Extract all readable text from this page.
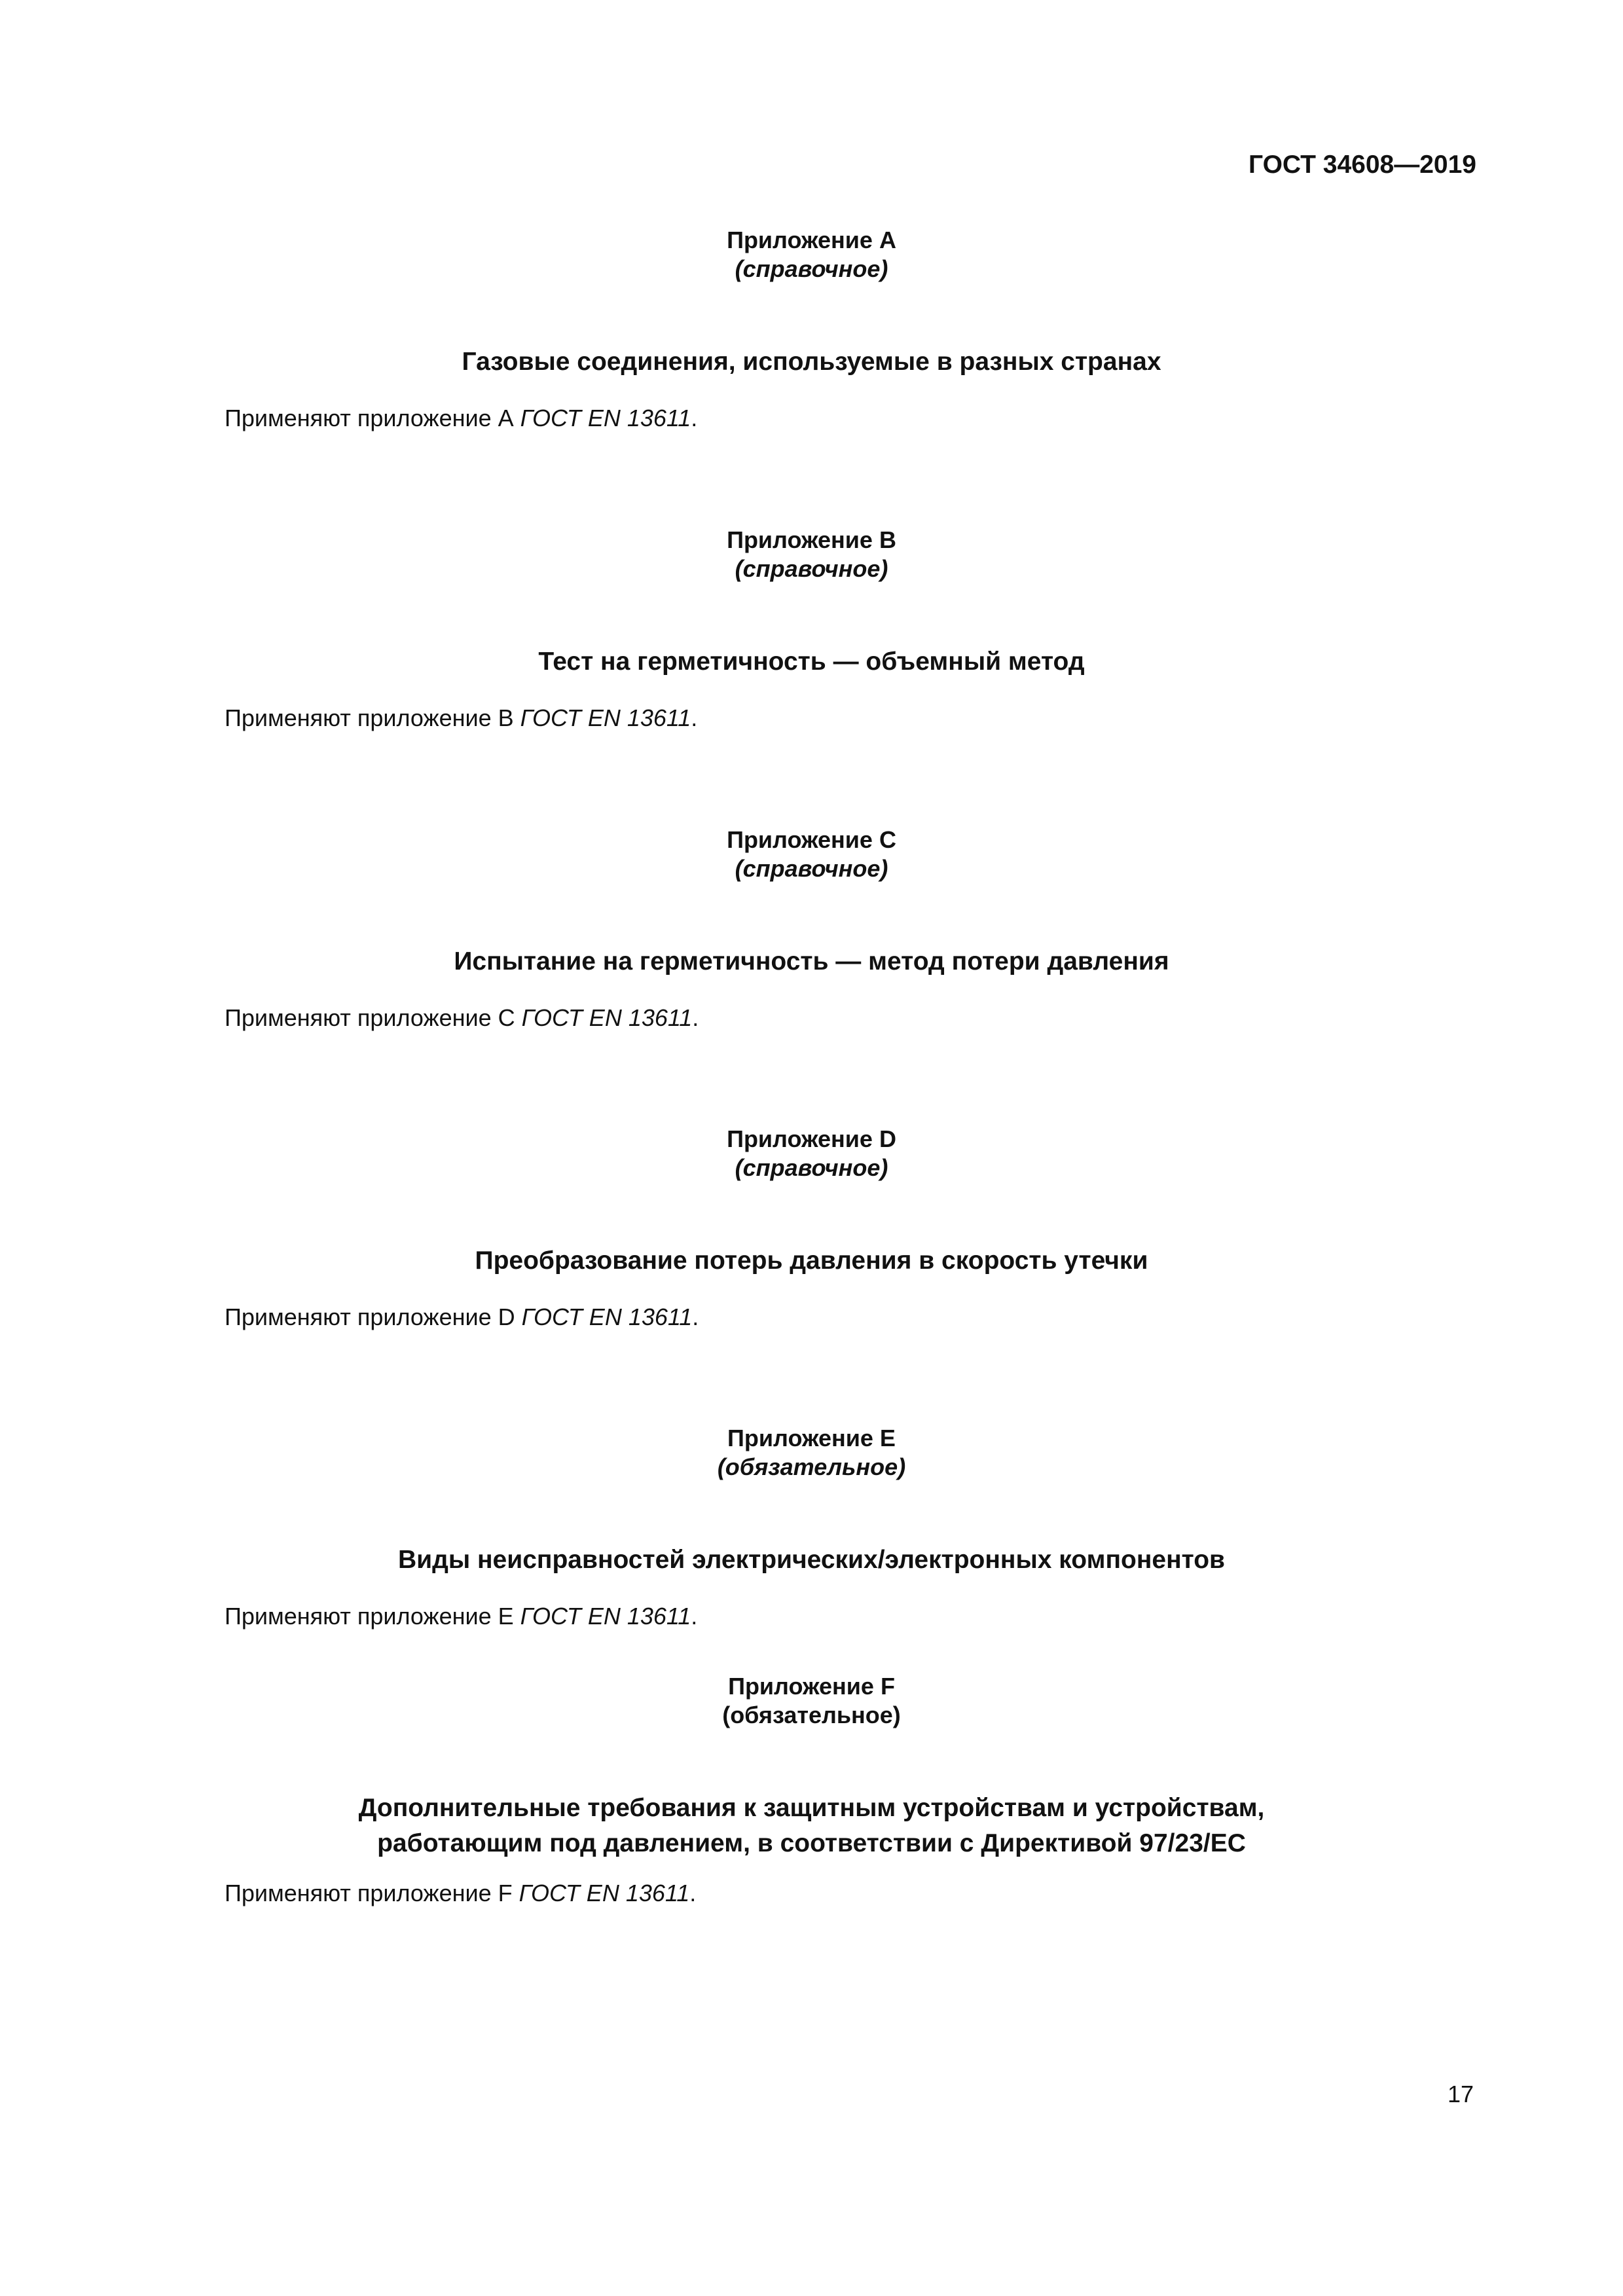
ГОСТ 34608—2019
Приложение А
(справочное)
Газовые соединения, используемые в разных странах
Применяют приложение А ГОСТ EN 13611.
Приложение В
(справочное)
Тест на герметичность — объемный метод
Применяют приложение В ГОСТ EN 13611.
Приложение С
(справочное)
Испытание на герметичность — метод потери давления
Применяют приложение С ГОСТ EN 13611.
Приложение D
(справочное)
Преобразование потерь давления в скорость утечки
Применяют приложение D ГОСТ EN 13611.
Приложение Е
(обязательное)
Виды неисправностей электрических/электронных компонентов
Применяют приложение Е ГОСТ EN 13611.
Приложение F
(обязательное)
Дополнительные требования к защитным устройствам и устройствам,
работающим под давлением, в соответствии с Директивой 97/23/EC
Применяют приложение F ГОСТ EN 13611.
17
